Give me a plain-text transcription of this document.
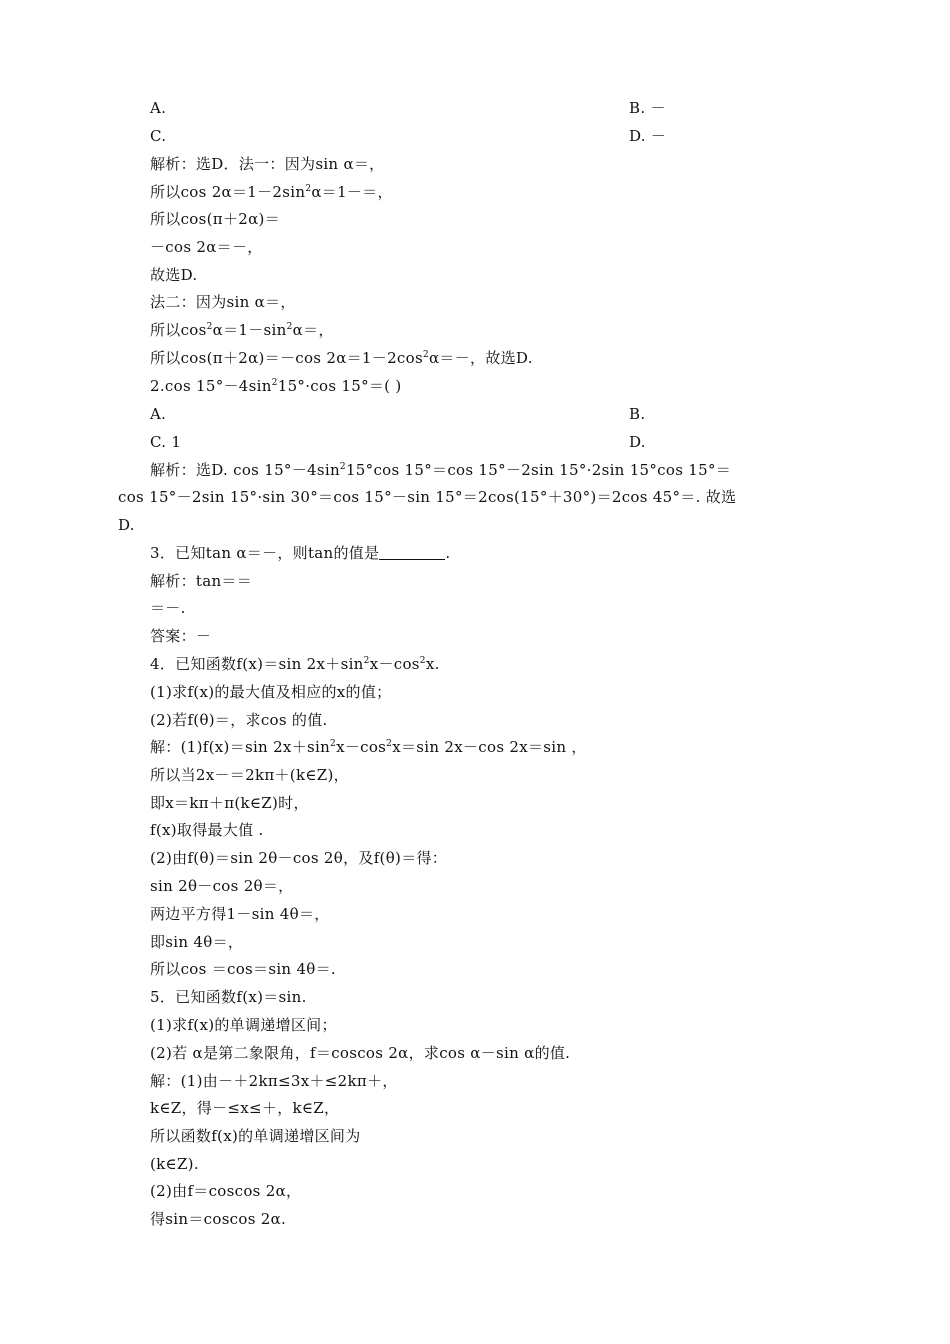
A.	B. －
C.	D. －
解析：选D．法一：因为sin α＝，
所以$\cos 2\alpha=1-2\sin^2\alpha=1-=$，
所以cos(π＋2α)＝
－cos 2α＝－，
故选D.
法二：因为sin α＝，
所以$\cos^2\alpha=1-\sin^2\alpha=$，
所以cos(π＋2α)＝－cos $2\alpha=1-2\cos^2\alpha=-$，故选D.
2.cos $15^\circ-4\sin^215^\circ\cdot\cos$ 15°＝( )
A.	B.
C. 1	D.
解析：选D. $\cos 15^\circ-4\sin^215^\circ\cos$ 15°＝cos 15°－2sin 15°·2sin 15°cos 15°＝
cos 15°－2sin 15°·sin 30°＝cos 15°－sin 15°＝2cos(15°＋30°)＝2cos 45°＝. 故选
D.
3．已知tan α＝－，则tan的值是	.
解析：tan＝＝
＝－.
答案：－
4．已知函数f(x)＝sin $2x+\sin^2x-\cos^2x$.
(1)求f(x)的最大值及相应的x的值；
(2)若f(θ)＝，求cos 的值.
解：(1)f(x)＝sin $2x+\sin^2x-\cos^2x=\sin$ 2x－cos 2x＝sin ，
所以当2x－＝2kπ＋(k∈Z)，
即x＝kπ＋π(k∈Z)时，
f(x)取得最大值 .
(2)由f(θ)＝sin 2θ－cos 2θ，及f(θ)＝得：
sin 2θ－cos 2θ＝，
两边平方得1－sin 4θ＝，
即sin 4θ＝，
所以cos ＝cos＝sin 4θ＝.
5．已知函数f(x)＝sin.
(1)求f(x)的单调递增区间；
(2)若 α是第二象限角，f＝coscos 2α，求cos α－sin α的值.
解：(1)由－＋2kπ≤3x＋≤2kπ＋，
k∈Z，得－≤x≤＋，k∈Z，
所以函数f(x)的单调递增区间为
(k∈Z).
(2)由f＝coscos 2α，
得sin＝coscos 2α.
